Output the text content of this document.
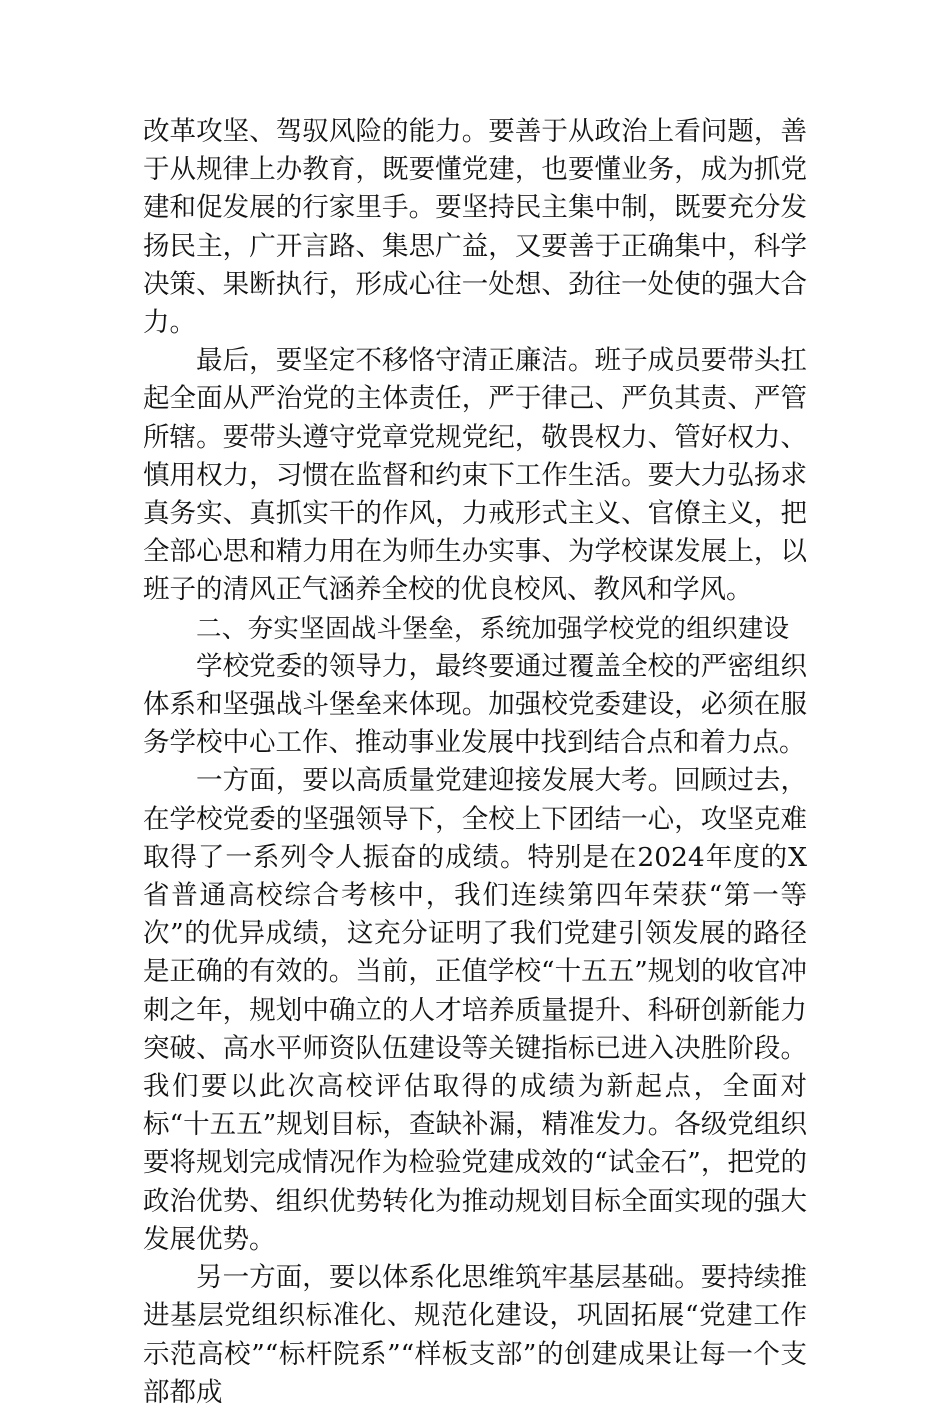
改革攻坚、驾驭风险的能力。要善于从政治上看问题，善于从规律上办教育，既要懂党建，也要懂业务，成为抓党建和促发展的行家里手。要坚持民主集中制，既要充分发扬民主，广开言路、集思广益，又要善于正确集中，科学决策、果断执行，形成心往一处想、劲往一处使的强大合力。

最后，要坚定不移恪守清正廉洁。班子成员要带头扛起全面从严治党的主体责任，严于律己、严负其责、严管所辖。要带头遵守党章党规党纪，敬畏权力、管好权力、慎用权力，习惯在监督和约束下工作生活。要大力弘扬求真务实、真抓实干的作风，力戒形式主义、官僚主义，把全部心思和精力用在为师生办实事、为学校谋发展上，以班子的清风正气涵养全校的优良校风、教风和学风。

二、夯实坚固战斗堡垒，系统加强学校党的组织建设

学校党委的领导力，最终要通过覆盖全校的严密组织体系和坚强战斗堡垒来体现。加强校党委建设，必须在服务学校中心工作、推动事业发展中找到结合点和着力点。

一方面，要以高质量党建迎接发展大考。回顾过去，在学校党委的坚强领导下，全校上下团结一心，攻坚克难取得了一系列令人振奋的成绩。特别是在2024年度的X省普通高校综合考核中，我们连续第四年荣获“第一等次”的优异成绩，这充分证明了我们党建引领发展的路径是正确的有效的。当前，正值学校“十五五”规划的收官冲刺之年，规划中确立的人才培养质量提升、科研创新能力突破、高水平师资队伍建设等关键指标已进入决胜阶段。我们要以此次高校评估取得的成绩为新起点，全面对标“十五五”规划目标，查缺补漏，精准发力。各级党组织要将规划完成情况作为检验党建成效的“试金石”，把党的政治优势、组织优势转化为推动规划目标全面实现的强大发展优势。

另一方面，要以体系化思维筑牢基层基础。要持续推进基层党组织标准化、规范化建设，巩固拓展“党建工作示范高校”“标杆院系”“样板支部”的创建成果让每一个支部都成
